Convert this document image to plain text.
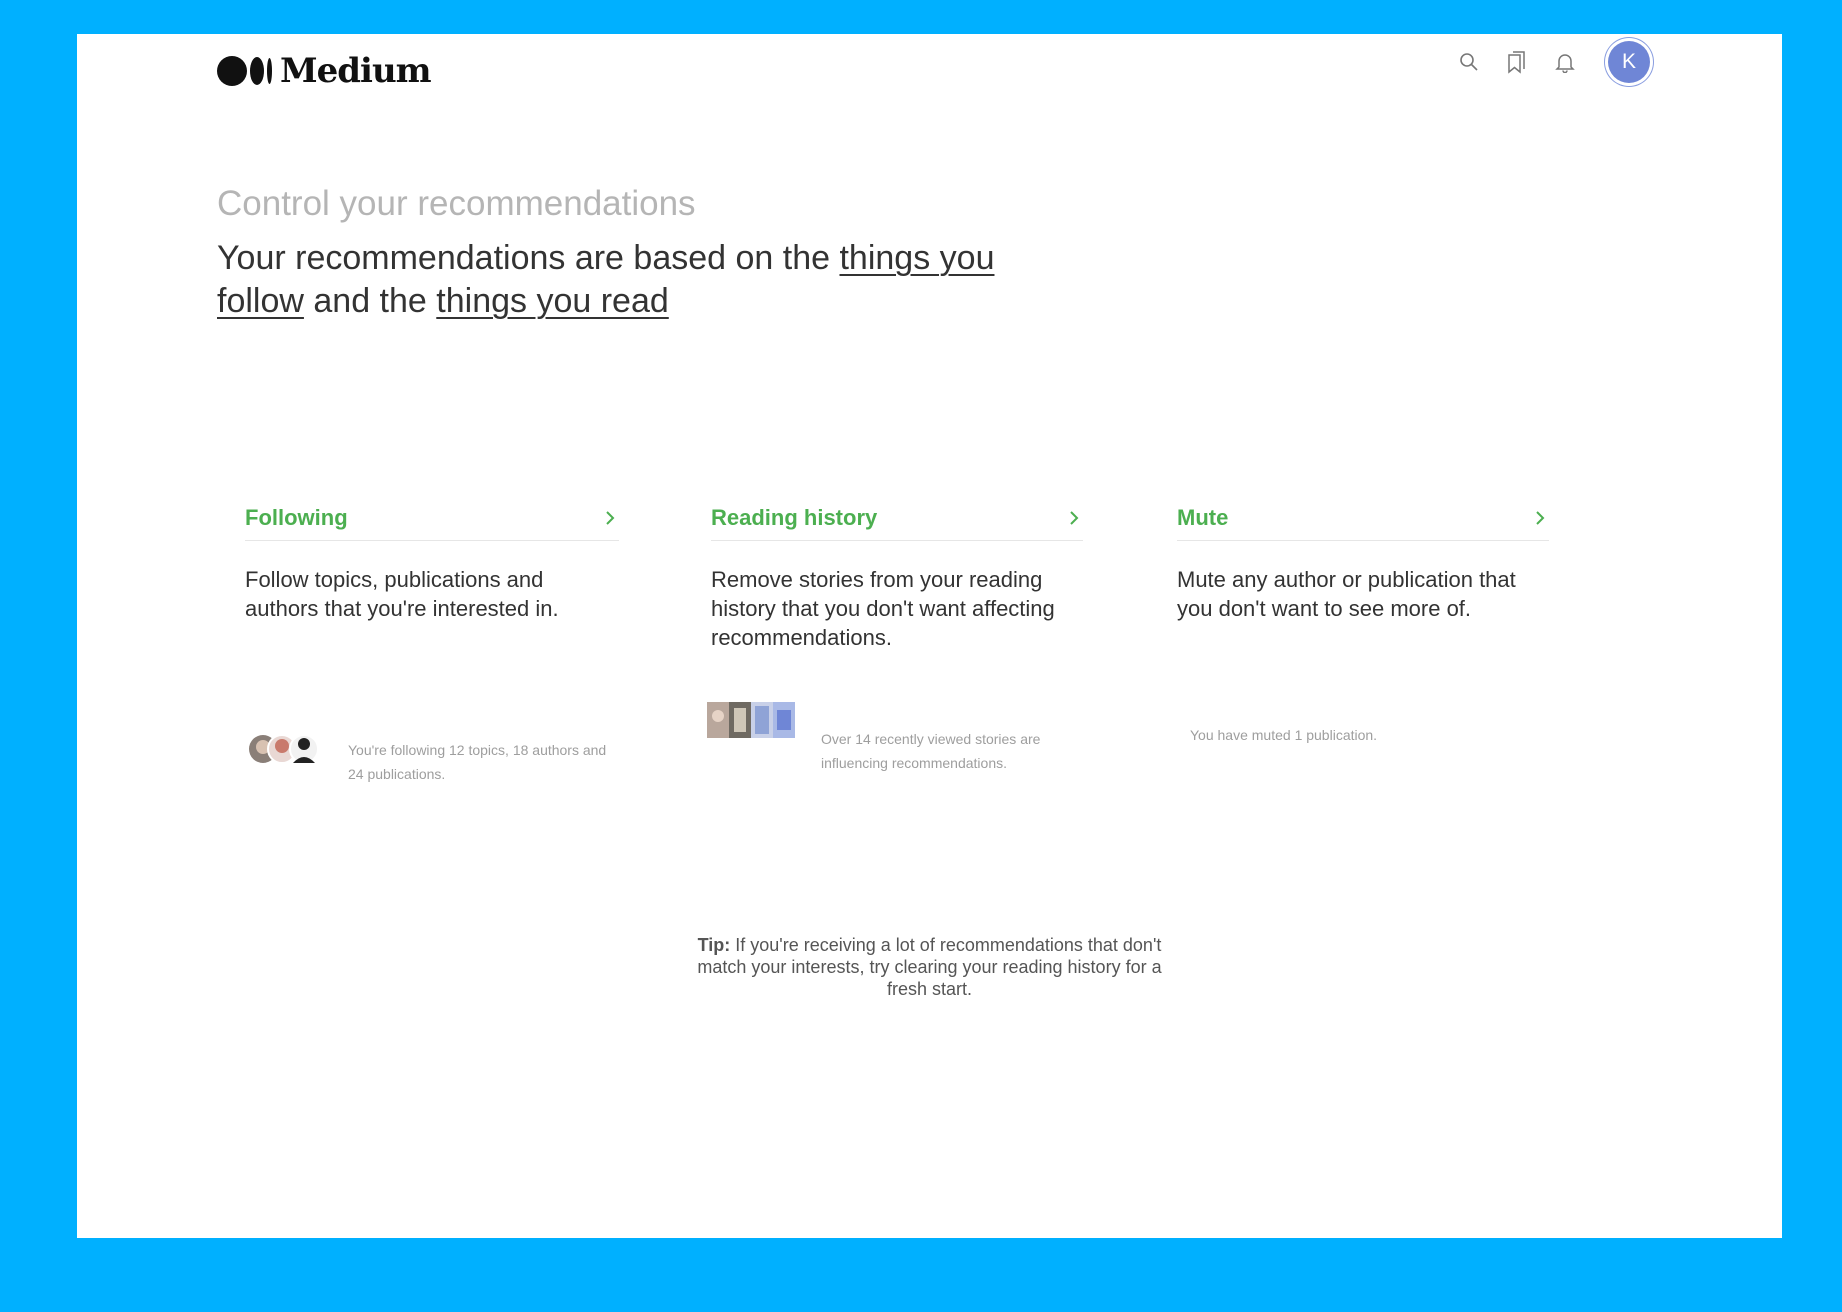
Medium	K
Control your recommendations
Your recommendations are based on the things you follow and the things you read
Following
Follow topics, publications and authors that you're interested in.
You're following 12 topics, 18 authors and 24 publications.
Reading history
Remove stories from your reading history that you don't want affecting recommendations.
Over 14 recently viewed stories are influencing recommendations.
Mute
Mute any author or publication that you don't want to see more of.
You have muted 1 publication.
Tip: If you're receiving a lot of recommendations that don't match your interests, try clearing your reading history for a fresh start.
